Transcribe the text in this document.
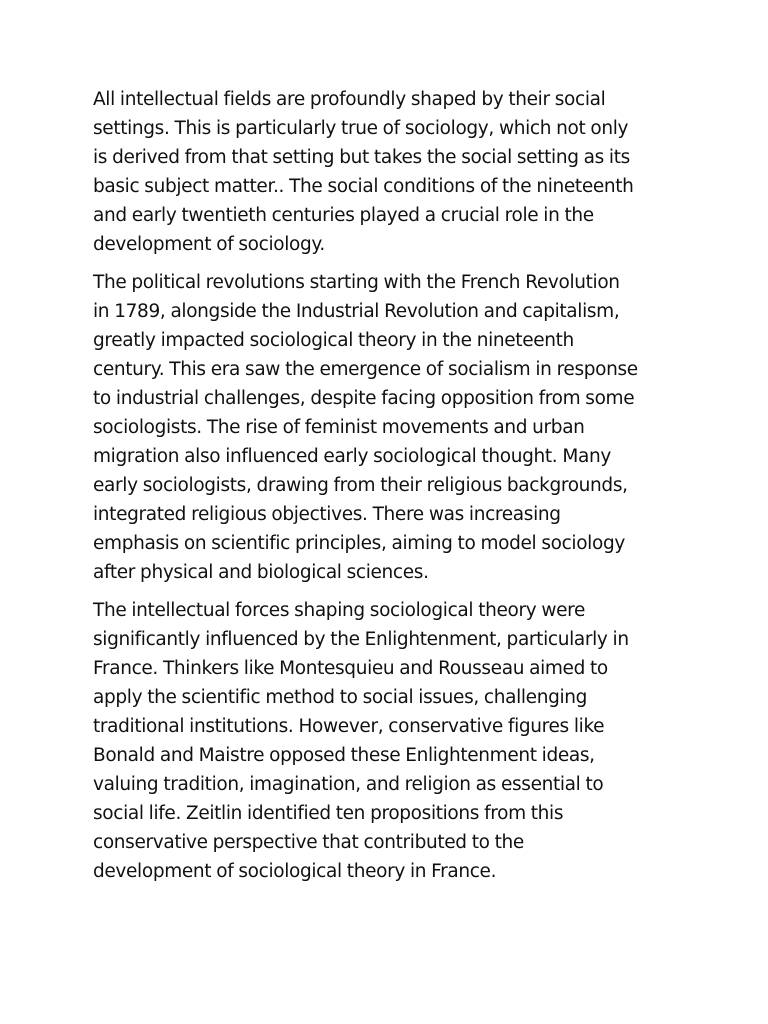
All intellectual fields are profoundly shaped by their social
settings. This is particularly true of sociology, which not only
is derived from that setting but takes the social setting as its
basic subject matter.. The social conditions of the nineteenth
and early twentieth centuries played a crucial role in the
development of sociology.

The political revolutions starting with the French Revolution
in 1789, alongside the Industrial Revolution and capitalism,
greatly impacted sociological theory in the nineteenth
century. This era saw the emergence of socialism in response
to industrial challenges, despite facing opposition from some
sociologists. The rise of feminist movements and urban
migration also influenced early sociological thought. Many
early sociologists, drawing from their religious backgrounds,
integrated religious objectives. There was increasing
emphasis on scientific principles, aiming to model sociology
after physical and biological sciences.

The intellectual forces shaping sociological theory were
significantly influenced by the Enlightenment, particularly in
France. Thinkers like Montesquieu and Rousseau aimed to
apply the scientific method to social issues, challenging
traditional institutions. However, conservative figures like
Bonald and Maistre opposed these Enlightenment ideas,
valuing tradition, imagination, and religion as essential to
social life. Zeitlin identified ten propositions from this
conservative perspective that contributed to the
development of sociological theory in France.
